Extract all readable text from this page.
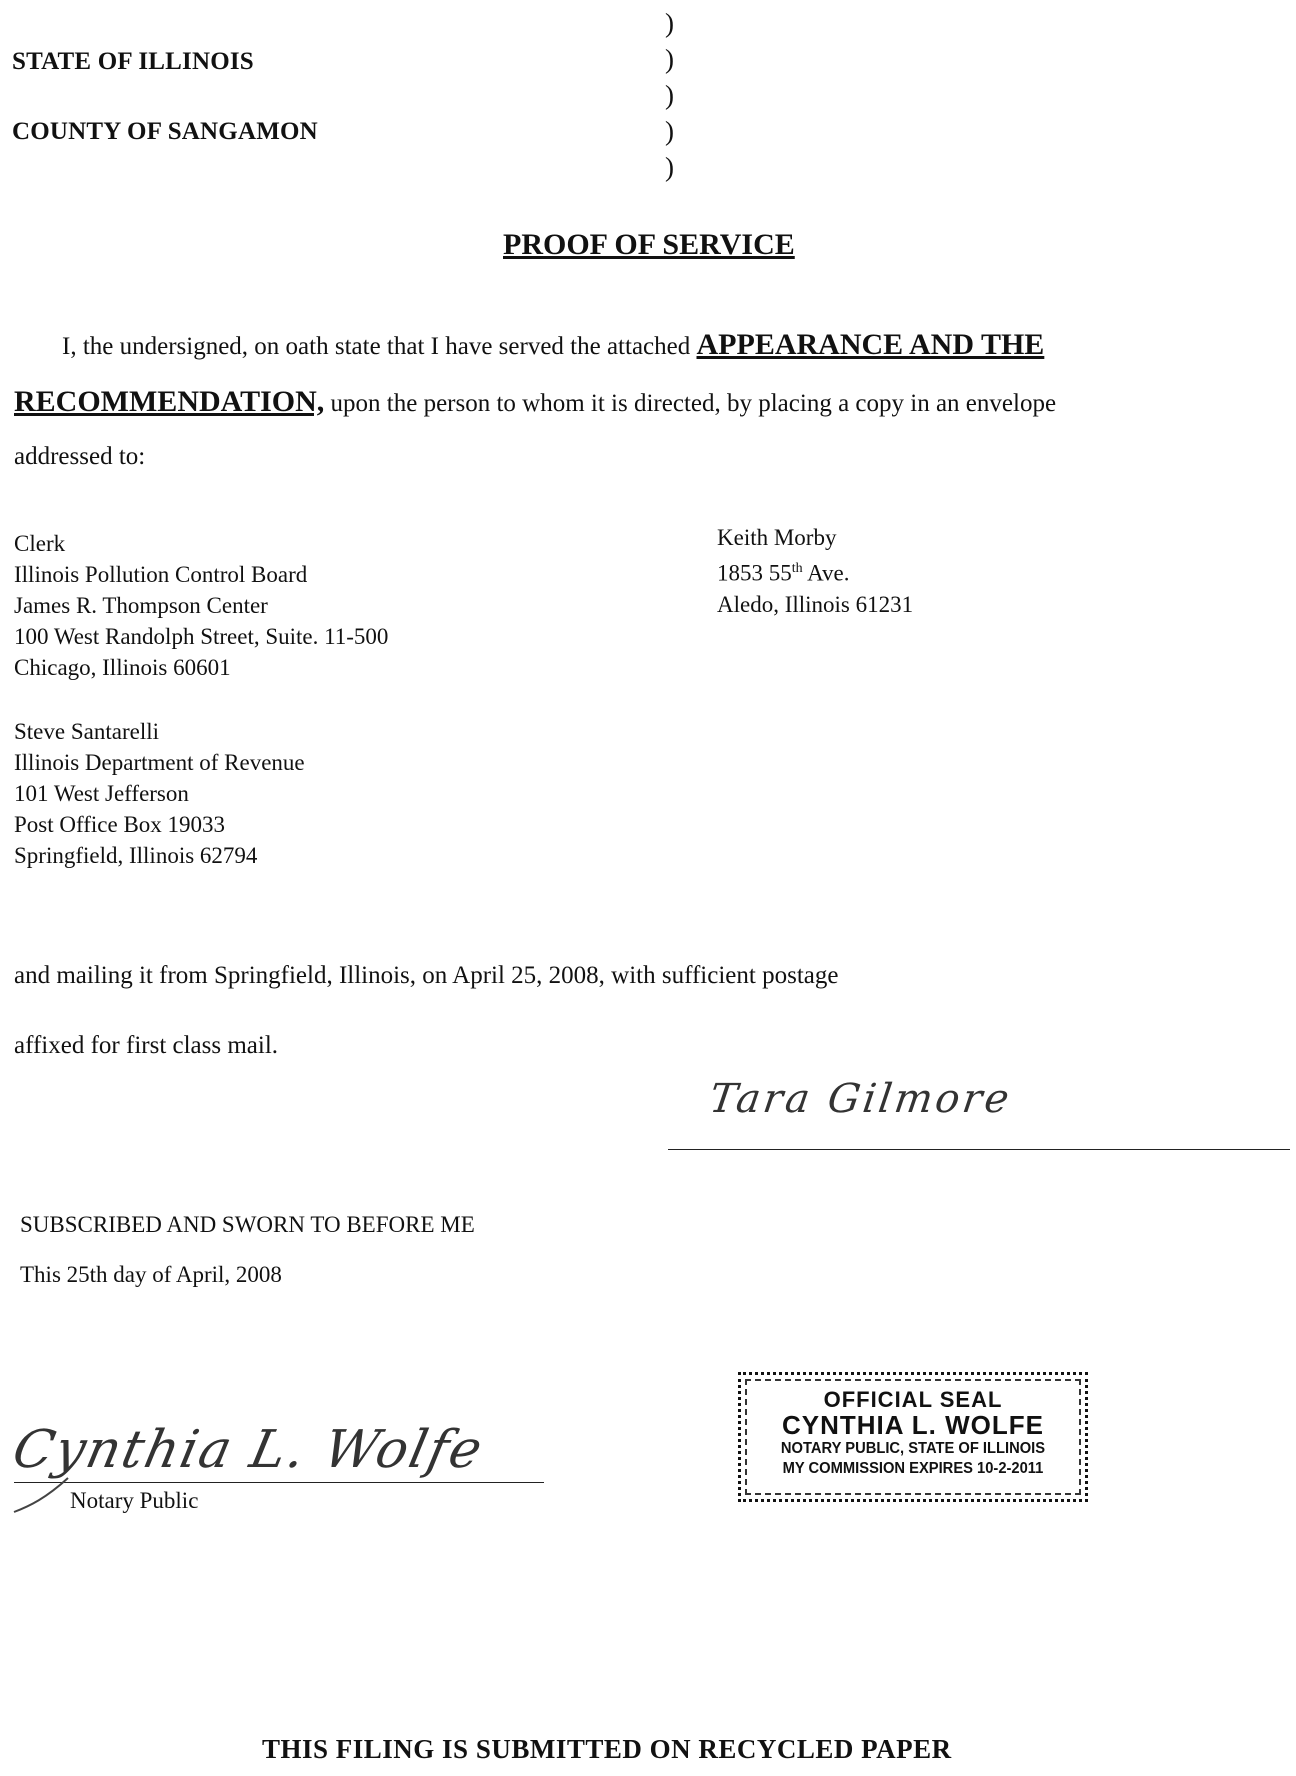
STATE OF ILLINOIS
COUNTY OF SANGAMON
)
)
)
)
)
PROOF OF SERVICE
I, the undersigned, on oath state that I have served the attached APPEARANCE AND THE
RECOMMENDATION, upon the person to whom it is directed, by placing a copy in an envelope
addressed to:
Clerk
Illinois Pollution Control Board
James R. Thompson Center
100 West Randolph Street, Suite. 11-500
Chicago, Illinois 60601
Steve Santarelli
Illinois Department of Revenue
101 West Jefferson
Post Office Box 19033
Springfield, Illinois 62794
Keith Morby
1853 55th Ave.
Aledo, Illinois 61231
and mailing it from Springfield, Illinois, on April 25, 2008, with sufficient postage
affixed for first class mail.
Tara Gilmore
SUBSCRIBED AND SWORN TO BEFORE ME
This 25th day of April, 2008
Cynthia L. Wolfe
Notary Public
OFFICIAL SEAL
CYNTHIA L. WOLFE
NOTARY PUBLIC, STATE OF ILLINOIS
MY COMMISSION EXPIRES 10-2-2011
THIS FILING IS SUBMITTED ON RECYCLED PAPER
